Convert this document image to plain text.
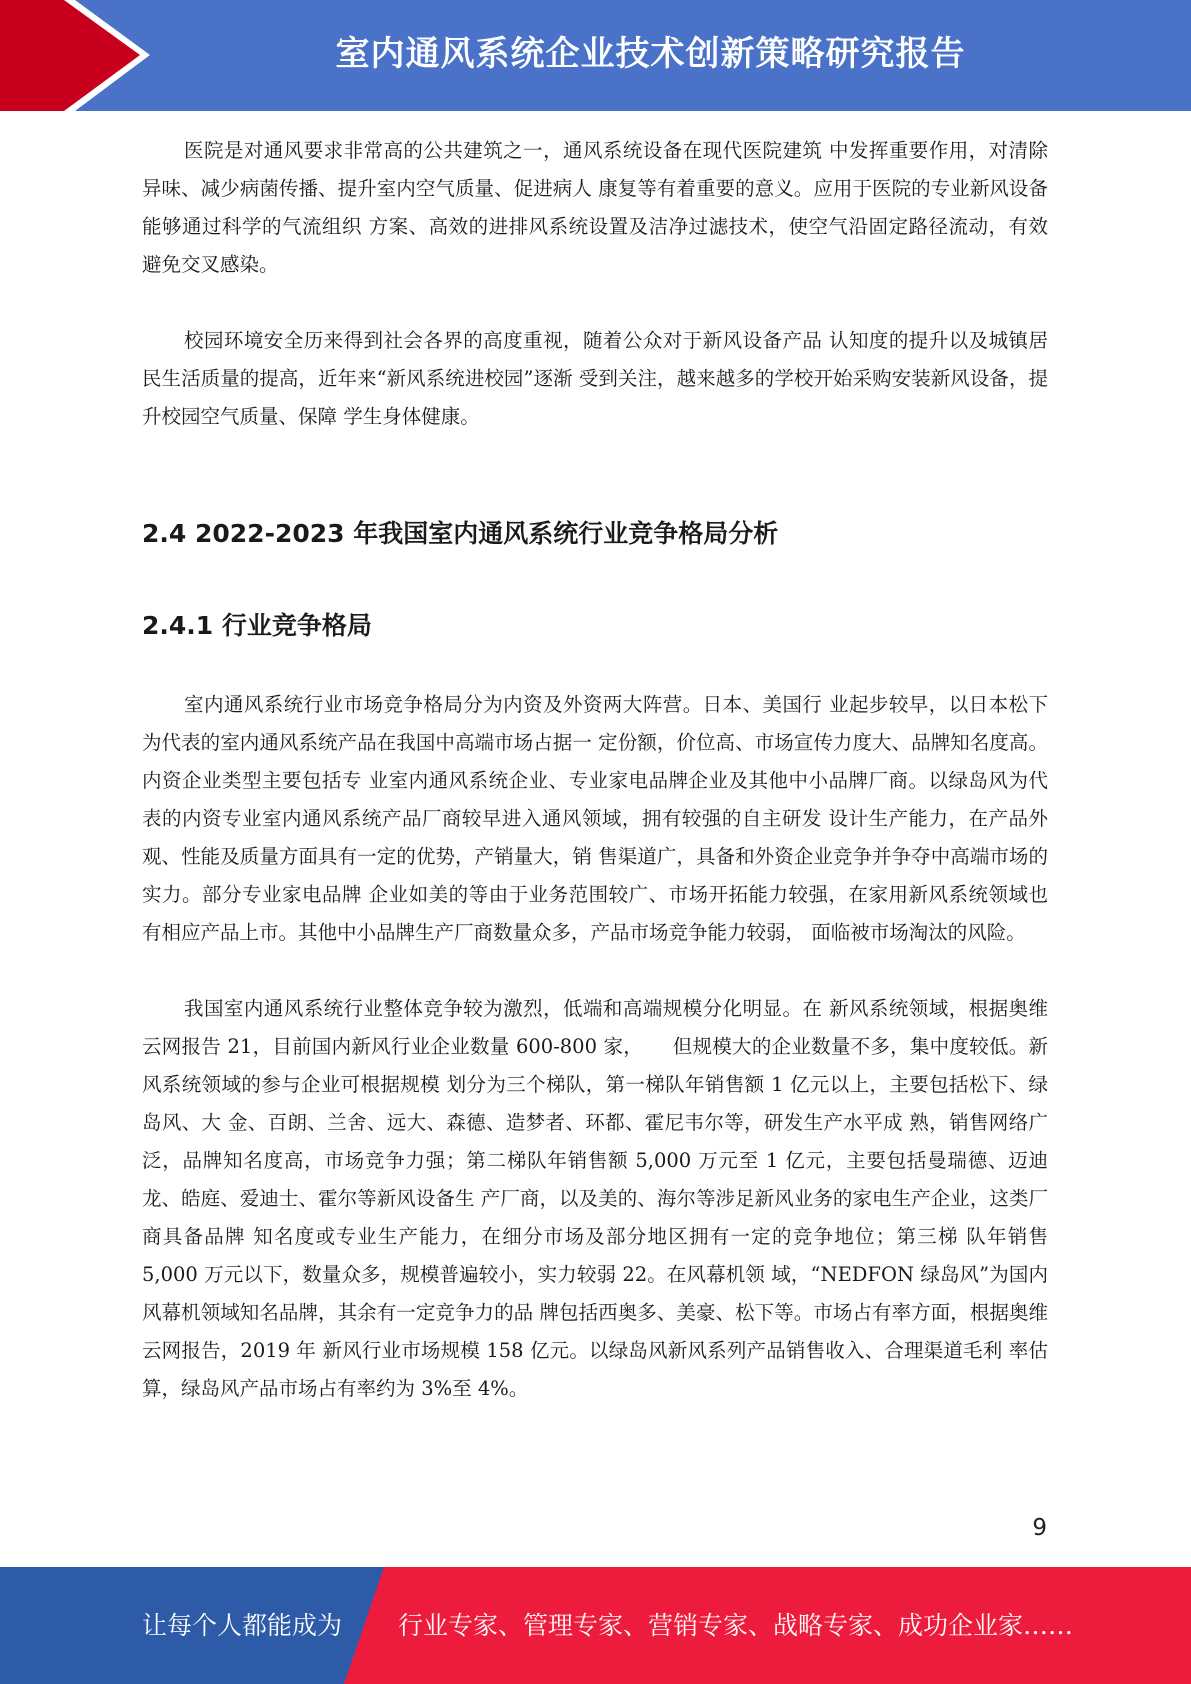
室内通风系统企业技术创新策略研究报告

医院是对通风要求非常高的公共建筑之一，通风系统设备在现代医院建筑 中发挥重要作用，对清除异味、减少病菌传播、提升室内空气质量、促进病人 康复等有着重要的意义。应用于医院的专业新风设备能够通过科学的气流组织 方案、高效的进排风系统设置及洁净过滤技术，使空气沿固定路径流动，有效 避免交叉感染。

校园环境安全历来得到社会各界的高度重视，随着公众对于新风设备产品 认知度的提升以及城镇居民生活质量的提高，近年来“新风系统进校园”逐渐 受到关注，越来越多的学校开始采购安装新风设备，提升校园空气质量、保障 学生身体健康。

2.4 2022-2023 年我国室内通风系统行业竞争格局分析
2.4.1 行业竞争格局

室内通风系统行业市场竞争格局分为内资及外资两大阵营。日本、美国行 业起步较早，以日本松下为代表的室内通风系统产品在我国中高端市场占据一 定份额，价位高、市场宣传力度大、品牌知名度高。内资企业类型主要包括专 业室内通风系统企业、专业家电品牌企业及其他中小品牌厂商。以绿岛风为代 表的内资专业室内通风系统产品厂商较早进入通风领域，拥有较强的自主研发 设计生产能力，在产品外观、性能及质量方面具有一定的优势，产销量大，销 售渠道广，具备和外资企业竞争并争夺中高端市场的实力。部分专业家电品牌 企业如美的等由于业务范围较广、市场开拓能力较强，在家用新风系统领域也 有相应产品上市。其他中小品牌生产厂商数量众多，产品市场竞争能力较弱， 面临被市场淘汰的风险。

我国室内通风系统行业整体竞争较为激烈，低端和高端规模分化明显。在 新风系统领域，根据奥维云网报告 21，目前国内新风行业企业数量 600-800 家，　　但规模大的企业数量不多，集中度较低。新风系统领域的参与企业可根据规模 划分为三个梯队，第一梯队年销售额 1 亿元以上，主要包括松下、绿岛风、大 金、百朗、兰舍、远大、森德、造梦者、环都、霍尼韦尔等，研发生产水平成 熟，销售网络广泛，品牌知名度高，市场竞争力强；第二梯队年销售额 5,000 万元至 1 亿元，主要包括曼瑞德、迈迪龙、皓庭、爱迪士、霍尔等新风设备生 产厂商，以及美的、海尔等涉足新风业务的家电生产企业，这类厂商具备品牌 知名度或专业生产能力，在细分市场及部分地区拥有一定的竞争地位；第三梯 队年销售 5,000 万元以下，数量众多，规模普遍较小，实力较弱 22。在风幕机领 域，“NEDFON 绿岛风”为国内风幕机领域知名品牌，其余有一定竞争力的品 牌包括西奥多、美豪、松下等。市场占有率方面，根据奥维云网报告，2019 年 新风行业市场规模 158 亿元。以绿岛风新风系列产品销售收入、合理渠道毛利 率估算，绿岛风产品市场占有率约为 3%至 4%。

9
让每个人都能成为 行业专家、管理专家、营销专家、战略专家、成功企业家……
